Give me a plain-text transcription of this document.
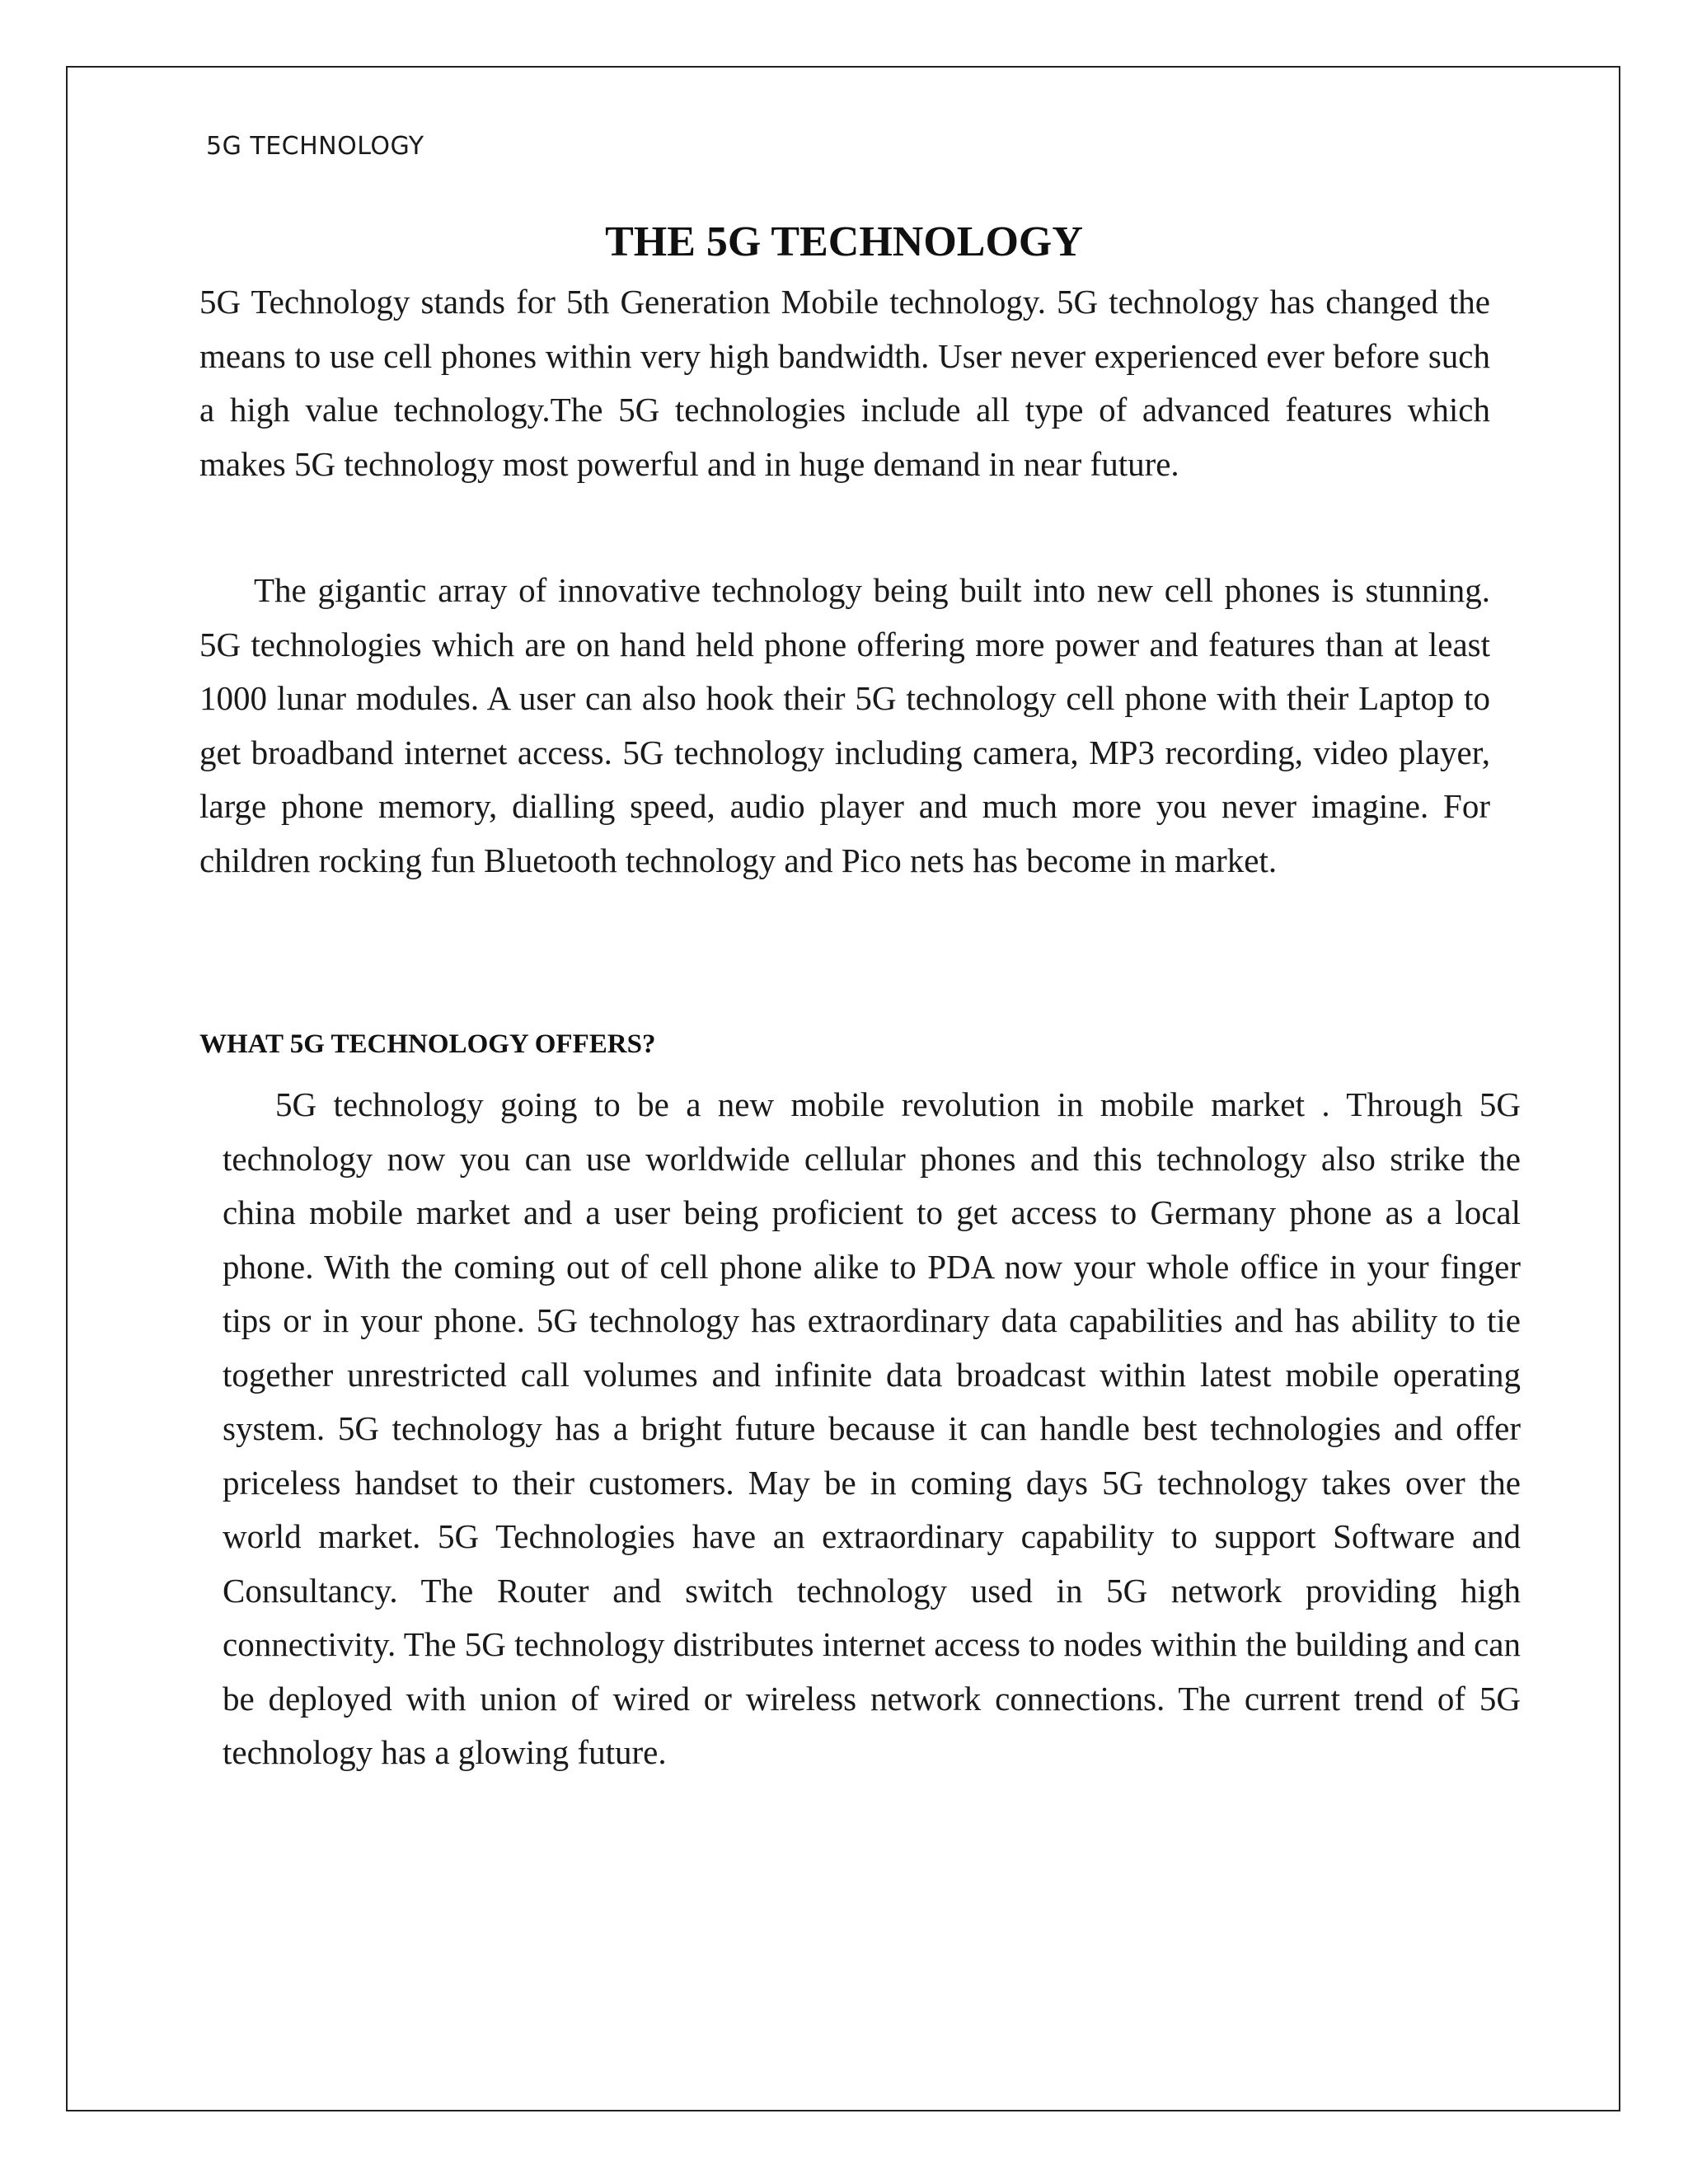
5G TECHNOLOGY
THE 5G TECHNOLOGY

5G Technology stands for 5th Generation Mobile technology. 5G technology has changed the means to use cell phones within very high bandwidth. User never experienced ever before such a high value technology.The 5G technologies include all type of advanced features which makes 5G technology most powerful and in huge demand in near future.

The gigantic array of innovative technology being built into new cell phones is stunning. 5G technologies which are on hand held phone offering more power and features than at least 1000 lunar modules. A user can also hook their 5G technology cell phone with their Laptop to get broadband internet access. 5G technology including camera, MP3 recording, video player, large phone memory, dialling speed, audio player and much more you never imagine. For children rocking fun Bluetooth technology and Pico nets has become in market.

WHAT 5G TECHNOLOGY OFFERS?

5G technology going to be a new mobile revolution in mobile market . Through 5G technology now you can use worldwide cellular phones and this technology also strike the china mobile market and a user being proficient to get access to Germany phone as a local phone. With the coming out of cell phone alike to PDA now your whole office in your finger tips or in your phone. 5G technology has extraordinary data capabilities and has ability to tie together unrestricted call volumes and infinite data broadcast within latest mobile operating system. 5G technology has a bright future because it can handle best technologies and offer priceless handset to their customers. May be in coming days 5G technology takes over the world market. 5G Technologies have an extraordinary capability to support Software and Consultancy. The Router and switch technology used in 5G network providing high connectivity. The 5G technology distributes internet access to nodes within the building and can be deployed with union of wired or wireless network connections. The current trend of 5G technology has a glowing future.
